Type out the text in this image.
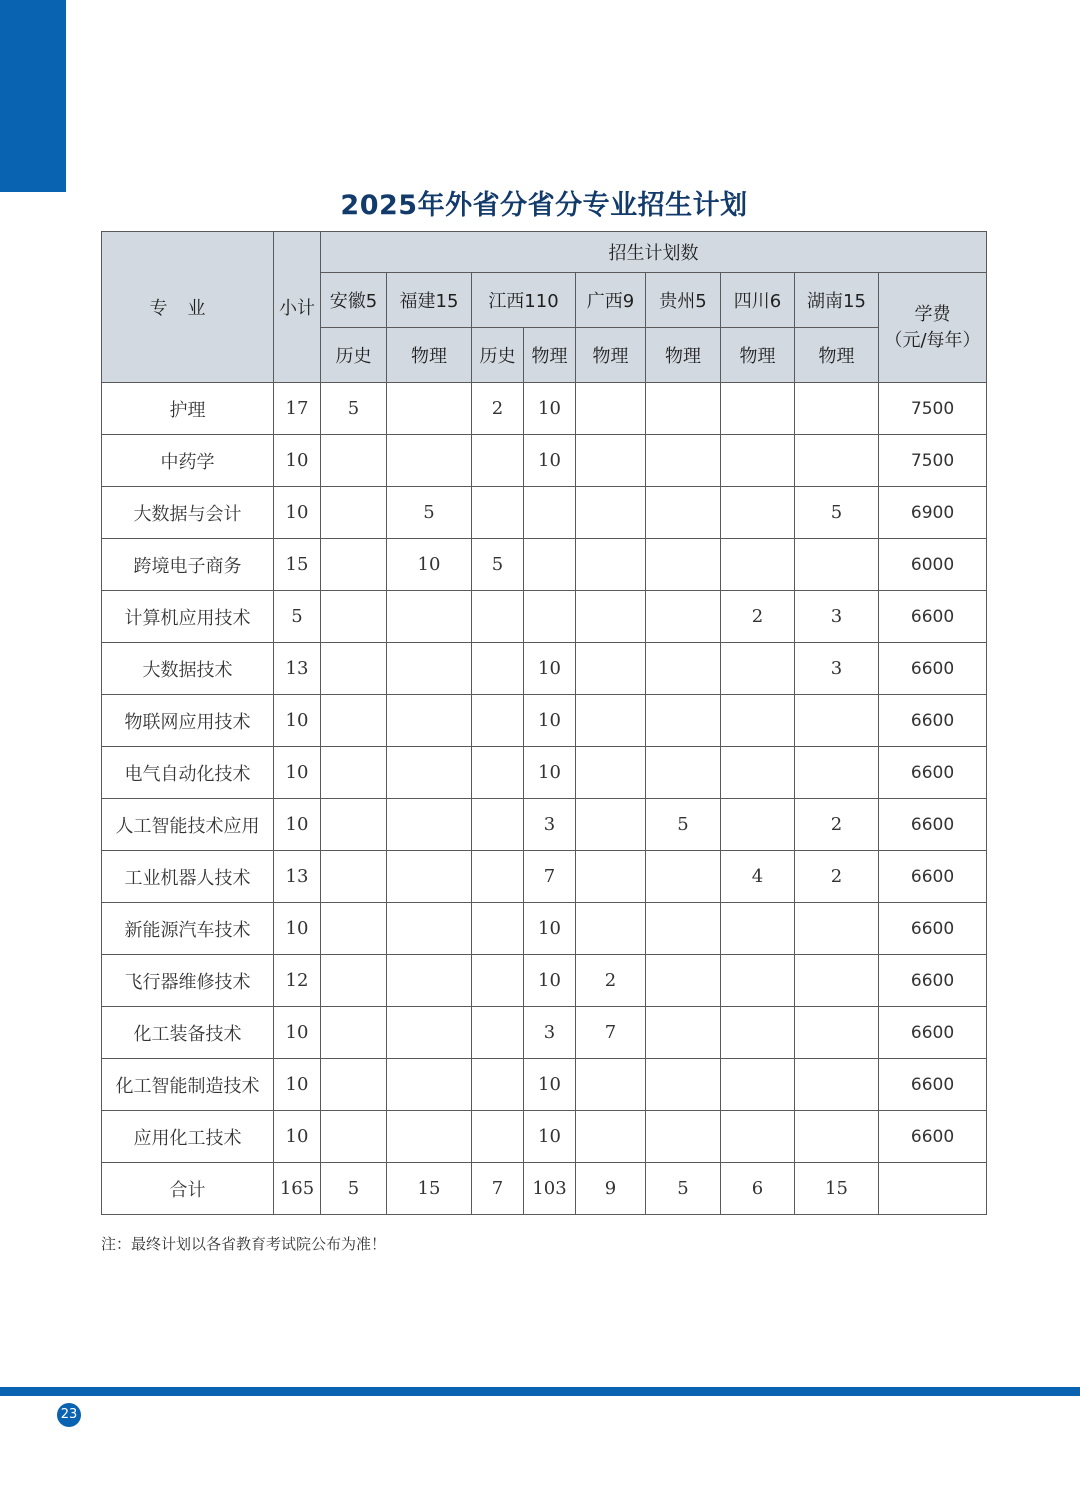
2025年外省分省分专业招生计划
专业	小计	招生计划数								
		安徽5	福建15	江西110		广西9	贵州5	四川6	湖南15	学费
（元/每年）

		历史	物理	历史	物理	物理	物理	物理	物理	
护理	17	5		2	10					7500
中药学	10				10					7500
大数据与会计	10		5						5	6900
跨境电子商务	15		10	5						6000
计算机应用技术	5							2	3	6600
大数据技术	13				10				3	6600
物联网应用技术	10				10					6600
电气自动化技术	10				10					6600
人工智能技术应用	10				3		5		2	6600
工业机器人技术	13				7			4	2	6600
新能源汽车技术	10				10					6600
飞行器维修技术	12				10	2				6600
化工装备技术	10				3	7				6600
化工智能制造技术	10				10					6600
应用化工技术	10				10					6600
合计	165	5	15	7	103	9	5	6	15	
注：最终计划以各省教育考试院公布为准！
23
